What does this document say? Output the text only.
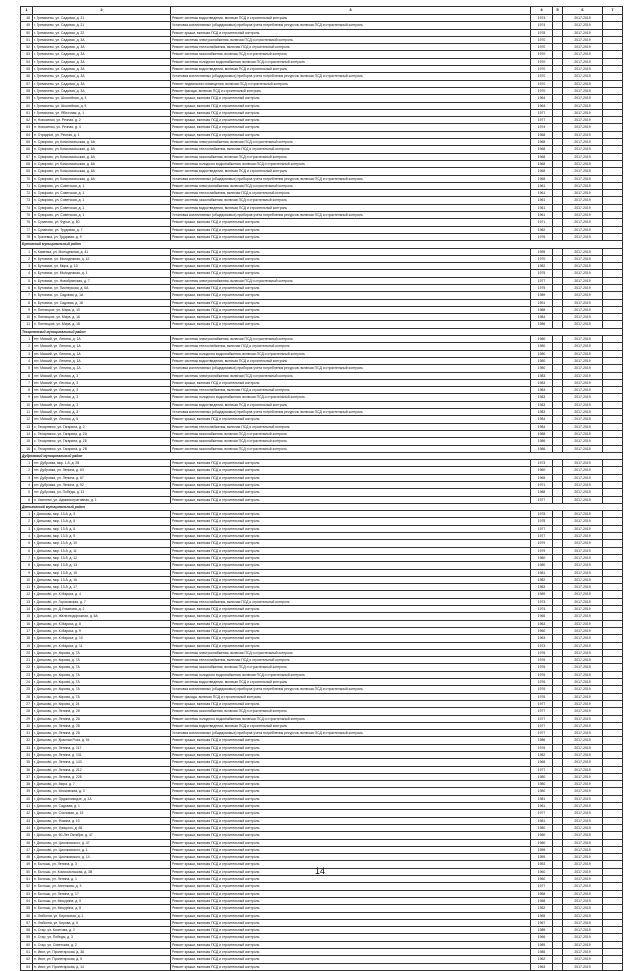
1	2	3	4	5	6	7
48	г. Гремячево, ул. Садовая, д. 21	Ремонт системы водоотведения, включая ПСД и строительный контроль	1974		2017-2019	
49	г. Гремячево, ул. Садовая, д. 21	Установка коллективных (общедомовых) приборов учета потребления ресурсов, включая ПСД и строительный контроль	1974		2017-2019	
50	г. Гремячево, ул. Садовая, д. 22	Ремонт крыши, включая ПСД и строительный контроль	1978		2017-2019	
51	г. Гремячево, ул. Садовая, д. 3А	Ремонт системы электроснабжения, включая ПСД и строительный контроль	1970		2017-2019	
52	г. Гремячево, ул. Садовая, д. 3А	Ремонт системы теплоснабжения, включая ПСД и строительный контроль	1970		2017-2019	
53	г. Гремячево, ул. Садовая, д. 3А	Ремонт системы газоснабжения, включая ПСД и строительный контроль	1970		2017-2019	
54	г. Гремячево, ул. Садовая, д. 3А	Ремонт системы холодного водоснабжения, включая ПСД и строительный контроль	1970		2017-2019	
55	г. Гремячево, ул. Садовая, д. 3А	Ремонт системы водоотведения, включая ПСД и строительный контроль	1970		2017-2019	
56	г. Гремячево, ул. Садовая, д. 3А	Установка коллективных (общедомовых) приборов учета потребления ресурсов, включая ПСД и строительный контроль	1970		2017-2019	
57	г. Гремячево, ул. Садовая, д. 3А	Ремонт подвального помещения, включая ПСД и строительный контроль	1970		2017-2019	
58	г. Гремячево, ул. Садовая, д. 3А	Ремонт фасада, включая ПСД и строительный контроль	1970		2017-2019	
59	г. Гремячево, ул. Шоссейная, д. 3	Ремонт крыши, включая ПСД и строительный контроль	1964		2017-2019	
60	г. Гремячево, ул. Шоссейная, д. 5	Ремонт крыши, включая ПСД и строительный контроль	1964		2017-2019	
61	г. Гремячево, ул. Яблочная, д. 1	Ремонт крыши, включая ПСД и строительный контроль	1977		2017-2019	
62	п. Новоселки, ул. Речная, д. 2	Ремонт крыши, включая ПСД и строительный контроль	1977		2017-2019	
63	п. Новоселки, ул. Речная, д. 4	Ремонт крыши, включая ПСД и строительный контроль	1974		2017-2019	
64	п. Отрадное, ул. Речная, д. 1	Ремонт крыши, включая ПСД и строительный контроль	1968		2017-2019	
65	п. Суворово, ул. Комсомольская, д. 6А	Ремонт системы электроснабжения, включая ПСД и строительный контроль	1968		2017-2019	
66	п. Суворово, ул. Комсомольская, д. 6А	Ремонт системы теплоснабжения, включая ПСД и строительный контроль	1968		2017-2019	
67	п. Суворово, ул. Комсомольская, д. 6А	Ремонт системы газоснабжения, включая ПСД и строительный контроль	1968		2017-2019	
68	п. Суворово, ул. Комсомольская, д. 6А	Ремонт системы холодного водоснабжения, включая ПСД и строительный контроль	1968		2017-2019	
69	п. Суворово, ул. Комсомольская, д. 6А	Ремонт системы водоотведения, включая ПСД и строительный контроль	1968		2017-2019	
70	п. Суворово, ул. Комсомольская, д. 6А	Установка коллективных (общедомовых) приборов учета потребления ресурсов, включая ПСД и строительный контроль	1968		2017-2019	
71	п. Суворово, ул. Советская, д. 1	Ремонт системы электроснабжения, включая ПСД и строительный контроль	1961		2017-2019	
72	п. Суворово, ул. Советская, д. 1	Ремонт системы теплоснабжения, включая ПСД и строительный контроль	1961		2017-2019	
73	п. Суворово, ул. Советская, д. 1	Ремонт системы газоснабжения, включая ПСД и строительный контроль	1961		2017-2019	
74	п. Суворово, ул. Советская, д. 1	Ремонт системы водоотведения, включая ПСД и строительный контроль	1961		2017-2019	
75	п. Суворово, ул. Советская, д. 1	Установка коллективных (общедомовых) приборов учета потребления ресурсов, включая ПСД и строительный контроль	1961		2017-2019	
76	п. Суханово, ул. Фурье, д. 80	Ремонт крыши, включая ПСД и строительный контроль	1971		2017-2019	
77	п. Суханово, ул. Трудовая, д. 7	Ремонт крыши, включая ПСД и строительный контроль	1982		2017-2019	
78	п. Грачевка, ул. Трудовая, д. 9	Ремонт крыши, включая ПСД и строительный контроль	1976		2017-2019	
Бутовский муниципальный район						
1	п. Каменка, ул. Молодежная, д. 41	Ремонт крыши, включая ПСД и строительный контроль	1995		2017-2019	
2	п. Бутовичи, ул. Молодежная, д. 42	Ремонт крыши, включая ПСД и строительный контроль	1970		2017-2019	
3	п. Бутовичи, ул. Мира, д. 10	Ремонт крыши, включая ПСД и строительный контроль	1982		2017-2019	
4	п. Бутовичи, ул. Молодежная, д. 1	Ремонт крыши, включая ПСД и строительный контроль	1975		2017-2019	
5	п. Бутовичи, ул. Новобрянская, д. 7	Ремонт системы электроснабжения, включая ПСД и строительный контроль	1977		2017-2019	
6	п. Бутовичи, ул. Пионерская, д. 6А	Ремонт крыши, включая ПСД и строительный контроль	1975		2017-2019	
7	п. Бутовичи, ул. Садовая, д. 1А	Ремонт крыши, включая ПСД и строительный контроль	1989		2017-2019	
8	п. Бутовичи, ул. Садовая, д. 18	Ремонт крыши, включая ПСД и строительный контроль	1991		2017-2019	
9	п. Пятницкое, ул. Мира, д. 10	Ремонт крыши, включая ПСД и строительный контроль	1988		2017-2019	
10	п. Пятницкое, ул. Мира, д. 16	Ремонт крыши, включая ПСД и строительный контроль	1984		2017-2019	
11	п. Пятницкое, ул. Мира, д. 18	Ремонт крыши, включая ПСД и строительный контроль	1986		2017-2019	
Тесарнянский муниципальный район						
1	пгт. Мяский, ул. Ленина, д. 1А	Ремонт системы электроснабжения, включая ПСД и строительный контроль	1980		2017-2019	
2	пгт. Мяский, ул. Ленина, д. 1А	Ремонт системы теплоснабжения, включая ПСД и строительный контроль	1980		2017-2019	
3	пгт. Мяский, ул. Ленина, д. 1А	Ремонт системы холодного водоснабжения, включая ПСД и строительный контроль	1980		2017-2019	
4	пгт. Мяский, ул. Ленина, д. 1А	Ремонт системы водоотведения, включая ПСД и строительный контроль	1980		2017-2019	
5	пгт. Мяский, ул. Ленина, д. 1А	Установка коллективных (общедомовых) приборов учета потребления ресурсов, включая ПСД и строительный контроль	1980		2017-2019	
6	пгт. Мяский, ул. Лесная, д. 3	Ремонт системы электроснабжения, включая ПСД и строительный контроль	1983		2017-2019	
7	пгт. Мяский, ул. Лесная, д. 3	Ремонт крыши, включая ПСД и строительный контроль	1983		2017-2019	
8	пгт. Мяский, ул. Лесная, д. 3	Ремонт системы теплоснабжения, включая ПСД и строительный контроль	1983		2017-2019	
9	пгт. Мяский, ул. Лесная, д. 3	Ремонт системы холодного водоснабжения, включая ПСД и строительный контроль	1983		2017-2019	
10	пгт. Мяский, ул. Лесная, д. 3	Ремонт системы водоотведения, включая ПСД и строительный контроль	1983		2017-2019	
11	пгт. Мяский, ул. Лесная, д. 3	Установка коллективных (общедомовых) приборов учета потребления ресурсов, включая ПСД и строительный контроль	1983		2017-2019	
12	пгт. Мяский, ул. Лесная, д. 5	Ремонт крыши, включая ПСД и строительный контроль	1984		2017-2019	
13	с. Тесарнянск, ул. Гагарина, д. 2	Ремонт системы теплоснабжения, включая ПСД и строительный контроль	1984		2017-2019	
14	с. Тесарнянск, ул. Гагарина, д. 2А	Ремонт системы газоснабжения, включая ПСД и строительный контроль	1988		2017-2019	
15	с. Тесарнянск, ул. Гагарина, д. 2Б	Ремонт системы газоснабжения, включая ПСД и строительный контроль	1986		2017-2019	
16	с. Тесарнянск, ул. Гагарина, д. 2В	Ремонт системы газоснабжения, включая ПСД и строительный контроль	1986		2017-2019	
Дубровский муниципальный район						
1	пгт. Дубровка, мкр. 1-й, д. 28	Ремонт крыши, включая ПСД и строительный контроль	1973		2017-2019	
2	пгт. Дубровка, ул. Ленина, д. 63	Ремонт крыши, включая ПСД и строительный контроль	1960		2017-2019	
3	пгт. Дубровка, ул. Ленина, д. 67	Ремонт крыши, включая ПСД и строительный контроль	1965		2017-2019	
4	пгт. Дубровка, ул. Ленина, д. 92	Ремонт крыши, включая ПСД и строительный контроль	1971		2017-2019	
5	пгт. Дубровка, ул. Победы, д. 11	Ремонт крыши, включая ПСД и строительный контроль	1988		2017-2019	
6	п. Хмелево, ул. Административная, д. 1	Ремонт крыши, включая ПСД и строительный контроль	1977		2017-2019	
Дятьковский муниципальный район						
1	г. Дятьково, мкр. 13-й, д. 3	Ремонт крыши, включая ПСД и строительный контроль	1978		2017-2019	
2	г. Дятьково, мкр. 13-й, д. 5	Ремонт крыши, включая ПСД и строительный контроль	1978		2017-2019	
3	г. Дятьково, мкр. 13-й, д. 8	Ремонт крыши, включая ПСД и строительный контроль	1977		2017-2019	
4	г. Дятьково, мкр. 13-й, д. 9	Ремонт крыши, включая ПСД и строительный контроль	1977		2017-2019	
5	г. Дятьково, мкр. 13-й, д. 10	Ремонт крыши, включая ПСД и строительный контроль	1979		2017-2019	
6	г. Дятьково, мкр. 13-й, д. 11	Ремонт крыши, включая ПСД и строительный контроль	1979		2017-2019	
7	г. Дятьково, мкр. 13-й, д. 12	Ремонт крыши, включая ПСД и строительный контроль	1980		2017-2019	
8	г. Дятьково, мкр. 13-й, д. 13	Ремонт крыши, включая ПСД и строительный контроль	1980		2017-2019	
9	г. Дятьково, мкр. 13-й, д. 15	Ремонт крыши, включая ПСД и строительный контроль	1981		2017-2019	
10	г. Дятьково, мкр. 13-й, д. 16	Ремонт крыши, включая ПСД и строительный контроль	1982		2017-2019	
11	г. Дятьково, мкр. 13-й, д. 17	Ремонт крыши, включая ПСД и строительный контроль	1983		2017-2019	
12	г. Дятьково, ул. К.Маркса, д. 4	Ремонт крыши, включая ПСД и строительный контроль	1989		2017-2019	
13	г. Дятьково, ул. Гороховская, д. 7	Ремонт системы теплоснабжения, включая ПСД и строительный контроль	1973		2017-2019	
14	г. Дятьково, ул. Д.Ульянова, д. 2	Ремонт крыши, включая ПСД и строительный контроль	1974		2017-2019	
15	г. Дятьково, ул. Железнодорожная, д. 6А	Ремонт крыши, включая ПСД и строительный контроль	1965		2017-2019	
16	г. Дятьково, ул. К.Маркса, д. 8	Ремонт крыши, включая ПСД и строительный контроль	1963		2017-2019	
17	г. Дятьково, ул. К.Маркса, д. 9	Ремонт крыши, включая ПСД и строительный контроль	1960		2017-2019	
18	г. Дятьково, ул. К.Маркса, д. 10	Ремонт крыши, включая ПСД и строительный контроль	1963		2017-2019	
19	г. Дятьково, ул. К.Маркса, д. 11	Ремонт крыши, включая ПСД и строительный контроль	1973		2017-2019	
20	г. Дятьково, ул. Кирова, д. 7А	Ремонт системы электроснабжения, включая ПСД и строительный контроль	1976		2017-2019	
21	г. Дятьково, ул. Кирова, д. 7А	Ремонт системы теплоснабжения, включая ПСД и строительный контроль	1976		2017-2019	
22	г. Дятьково, ул. Кирова, д. 7А	Ремонт системы газоснабжения, включая ПСД и строительный контроль	1976		2017-2019	
23	г. Дятьково, ул. Кирова, д. 7А	Ремонт системы холодного водоснабжения, включая ПСД и строительный контроль	1976		2017-2019	
24	г. Дятьково, ул. Кирова, д. 7А	Ремонт системы водоотведения, включая ПСД и строительный контроль	1976		2017-2019	
25	г. Дятьково, ул. Кирова, д. 7А	Установка коллективных (общедомовых) приборов учета потребления ресурсов, включая ПСД и строительный контроль	1976		2017-2019	
26	г. Дятьково, ул. Кирова, д. 7А	Ремонт фасада, включая ПСД и строительный контроль	1976		2017-2019	
27	г. Дятьково, ул. Кирова, д. 24	Ремонт крыши, включая ПСД и строительный контроль	1977		2017-2019	
28	г. Дятьково, ул. Ленина, д. 28	Ремонт системы газоснабжения, включая ПСД и строительный контроль	1977		2017-2019	
29	г. Дятьково, ул. Ленина, д. 28	Ремонт системы холодного водоснабжения, включая ПСД и строительный контроль	1977		2017-2019	
30	г. Дятьково, ул. Ленина, д. 28	Ремонт системы водоотведения, включая ПСД и строительный контроль	1977		2017-2019	
31	г. Дятьково, ул. Ленина, д. 28	Установка коллективных (общедомовых) приборов учета потребления ресурсов, включая ПСД и строительный контроль	1977		2017-2019	
32	г. Дятьково, ул. Красная Роза, д. 94	Ремонт крыши, включая ПСД и строительный контроль	1986		2017-2019	
33	г. Дятьково, ул. Ленина, д. 117	Ремонт крыши, включая ПСД и строительный контроль	1976		2017-2019	
34	г. Дятьково, ул. Ленина, д. 131	Ремонт крыши, включая ПСД и строительный контроль	1982		2017-2019	
35	г. Дятьково, ул. Ленина, д. 143	Ремонт крыши, включая ПСД и строительный контроль	1968		2017-2019	
36	г. Дятьково, ул. Ленина, д. 212	Ремонт крыши, включая ПСД и строительный контроль	1977		2017-2019	
37	г. Дятьково, ул. Ленина, д. 226	Ремонт крыши, включая ПСД и строительный контроль	1980		2017-2019	
38	г. Дятьково, ул. Мира, д. 7	Ремонт крыши, включая ПСД и строительный контроль	1980		2017-2019	
39	г. Дятьково, ул. Московская, д. 3	Ремонт крыши, включая ПСД и строительный контроль	1980		2017-2019	
40	г. Дятьково, ул. Орджоникидзе, д. 1А	Ремонт крыши, включая ПСД и строительный контроль	1981		2017-2019	
41	г. Дятьково, ул. Садовая, д. 1	Ремонт крыши, включая ПСД и строительный контроль	1961		2017-2019	
42	г. Дятьково, ул. Сосновая, д. 15	Ремонт крыши, включая ПСД и строительный контроль	1977		2017-2019	
43	г. Дятьково, ул. Фокина, д. 10	Ремонт крыши, включая ПСД и строительный контроль	1981		2017-2019	
44	г. Дятьково, ул. Урицкого, д. 68	Ремонт крыши, включая ПСД и строительный контроль	1980		2017-2019	
45	г. Дятьково, ул. 50-Лет Октября, д. 47	Ремонт крыши, включая ПСД и строительный контроль	1980		2017-2019	
46	г. Дятьково, ул. Циолковского, д. 47	Ремонт крыши, включая ПСД и строительный контроль	1980		2017-2019	
47	г. Дятьково, ул. Циолковского, д. 1	Ремонт крыши, включая ПСД и строительный контроль	1959		2017-2019	
48	г. Дятьково, ул. Циолковского, д. 14	Ремонт крыши, включая ПСД и строительный контроль	1959		2017-2019	
49	п. Бытошь, ул. Ленина, д. 3	Ремонт крыши, включая ПСД и строительный контроль	1953		2017-2019	
50	п. Бытошь, ул. Комсомольская, д. 3В	Ремонт крыши, включая ПСД и строительный контроль	1960		2017-2019	
51	п. Бытошь, ул. Ленина, д. 1	Ремонт крыши, включая ПСД и строительный контроль	1960		2017-2019	
52	п. Бытошь, ул. Агеенкова, д. 3	Ремонт крыши, включая ПСД и строительный контроль	1977		2017-2019	
53	п. Бытошь, ул. Ленина, д. 17	Ремонт крыши, включая ПСД и строительный контроль	1958		2017-2019	
54	п. Бытошь, ул. Мичурина, д. 5	Ремонт крыши, включая ПСД и строительный контроль	1958		2017-2019	
55	п. Бытошь, ул. Мичурина, д. 8	Ремонт крыши, включая ПСД и строительный контроль	1962		2017-2019	
56	п. Любохна, ул. Березовая, д. 1	Ремонт крыши, включая ПСД и строительный контроль	1965		2017-2019	
57	п. Любохна, ул. Кирова, д. 5	Ремонт крыши, включая ПСД и строительный контроль	1967		2017-2019	
58	п. Стар, ул. Кочетова, д. 2	Ремонт крыши, включая ПСД и строительный контроль	1989		2017-2019	
59	п. Стар, ул. Победы, д. 3	Ремонт крыши, включая ПСД и строительный контроль	1966		2017-2019	
60	п. Стар, ул. Советская, д. 2	Ремонт крыши, включая ПСД и строительный контроль	1989		2017-2019	
61	п. Ивот, ул. Пролетарская, д. 3А	Ремонт крыши, включая ПСД и строительный контроль	1985		2017-2019	
62	п. Ивот, ул. Пролетарская, д. 5	Ремонт крыши, включая ПСД и строительный контроль	1962		2017-2019	
63	п. Ивот, ул. Пролетарская, д. 14	Ремонт крыши, включая ПСД и строительный контроль	1963		2017-2019	
14
